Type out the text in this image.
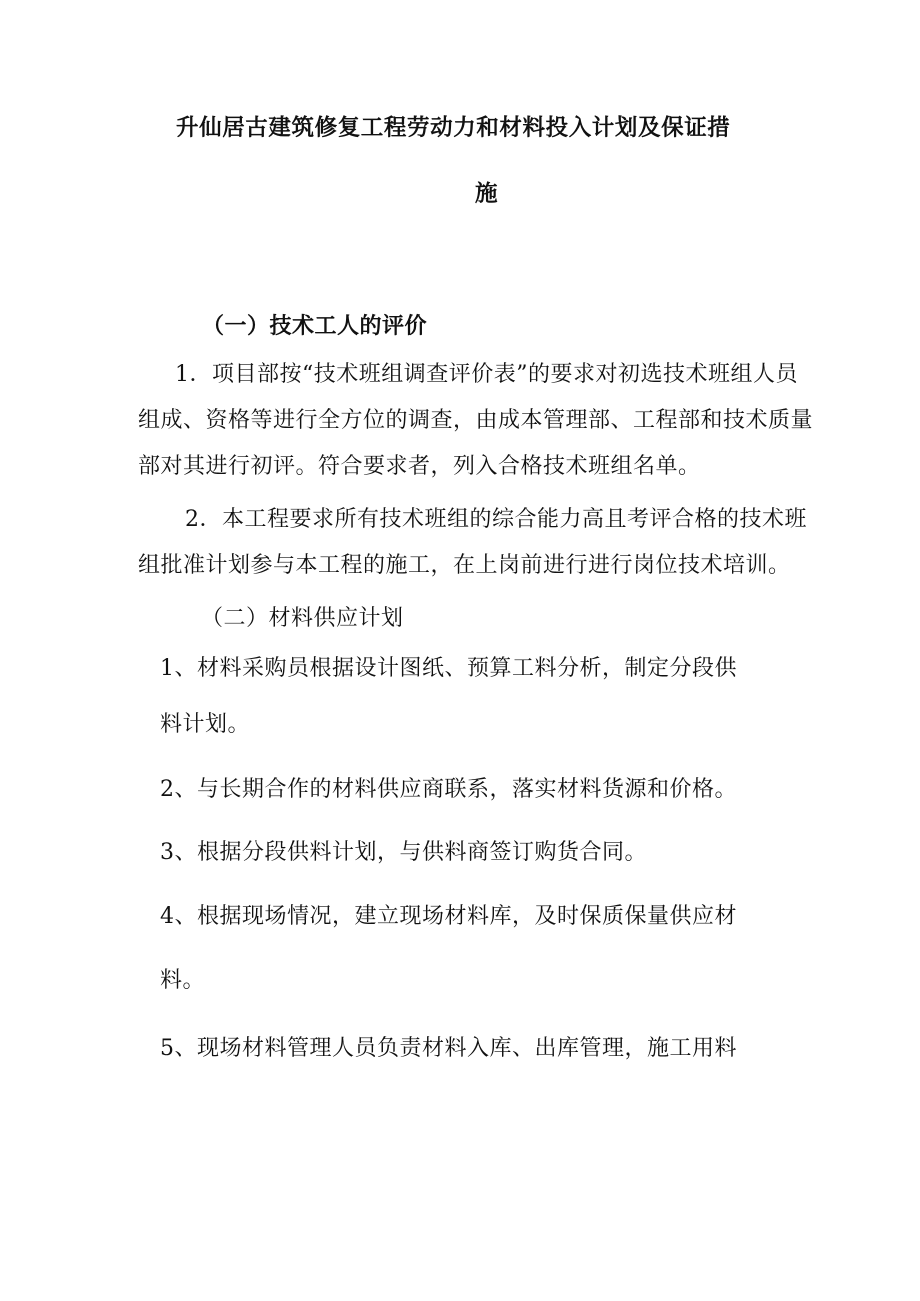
升仙居古建筑修复工程劳动力和材料投入计划及保证措
施
（一）技术工人的评价
1．项目部按“技术班组调查评价表”的要求对初选技术班组人员
组成、资格等进行全方位的调查，由成本管理部、工程部和技术质量
部对其进行初评。符合要求者，列入合格技术班组名单。
2．本工程要求所有技术班组的综合能力高且考评合格的技术班
组批准计划参与本工程的施工，在上岗前进行进行岗位技术培训。
（二）材料供应计划
1、材料采购员根据设计图纸、预算工料分析，制定分段供
料计划。
2、与长期合作的材料供应商联系，落实材料货源和价格。
3、根据分段供料计划，与供料商签订购货合同。
4、根据现场情况，建立现场材料库，及时保质保量供应材
料。
5、现场材料管理人员负责材料入库、出库管理，施工用料
